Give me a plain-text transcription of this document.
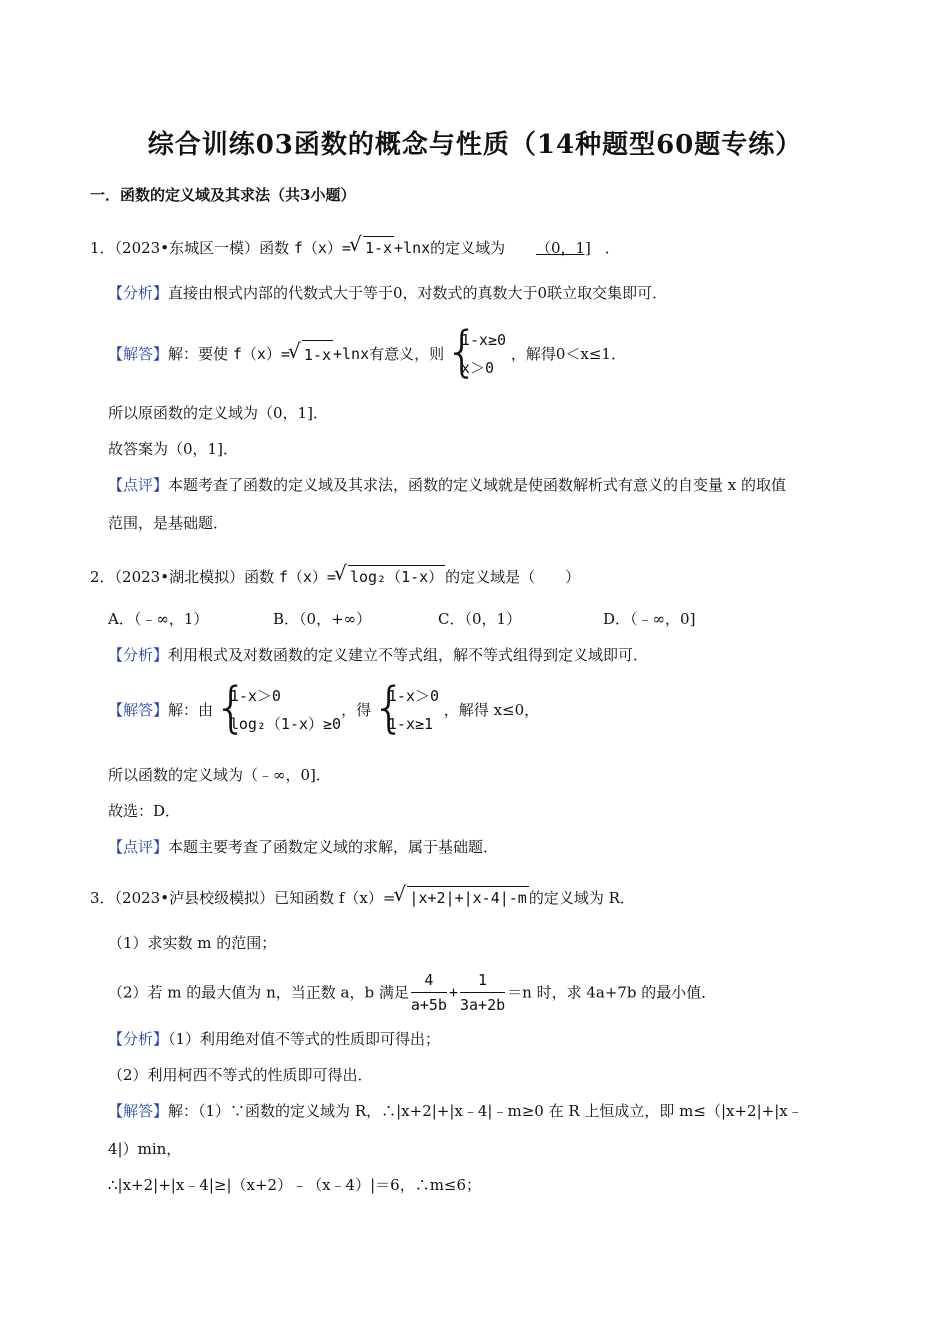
综合训练03函数的概念与性质（14种题型60题专练）
一．函数的定义域及其求法（共3小题）
1．（2023•东城区一模）函数 f（x）= √ 1-x +lnx的定义域为 （0，1] ．
【分析】直接由根式内部的代数式大于等于0，对数式的真数大于0联立取交集即可．
【解答】解：要使 f（x）= √ 1-x +lnx有意义，则
{ 1-x≥0
x＞0
，解得0＜x≤1．
所以原函数的定义域为（0，1]．
故答案为（0，1]．
【点评】本题考查了函数的定义域及其求法，函数的定义域就是使函数解析式有意义的自变量 x 的取值
范围，是基础题．
2．（2023•湖北模拟）函数 f（x）= √ log₂（1-x） 的定义域是（　　）
A．（﹣∞，1）	B．（0，+∞）	C．（0，1）	D．（﹣∞，0]
【分析】利用根式及对数函数的定义建立不等式组，解不等式组得到定义域即可．
【解答】解：由
{ 1-x＞0
log₂（1-x）≥0
，得
{ 1-x＞0
1-x≥1
，解得 x≤0，
所以函数的定义域为（﹣∞，0]．
故选：D．
【点评】本题主要考查了函数定义域的求解，属于基础题．
3．（2023•泸县校级模拟）已知函数 f（x）= √ |x+2|+|x-4|-m 的定义域为 R．
（1）求实数 m 的范围；
（2）若 m 的最大值为 n，当正数 a，b 满足 $\frac{4}{a+5b} + \frac{1}{3a+2b} =n$ 时，求 4a+7b 的最小值．
【分析】（1）利用绝对值不等式的性质即可得出；
（2）利用柯西不等式的性质即可得出．
【解答】解：（1）∵函数的定义域为 R，∴|x+2|+|x﹣4|﹣m≥0 在 R 上恒成立，即 m≤（|x+2|+|x﹣
4|）min，
∴|x+2|+|x﹣4|≥|（x+2）﹣（x﹣4）|＝6，∴m≤6；
